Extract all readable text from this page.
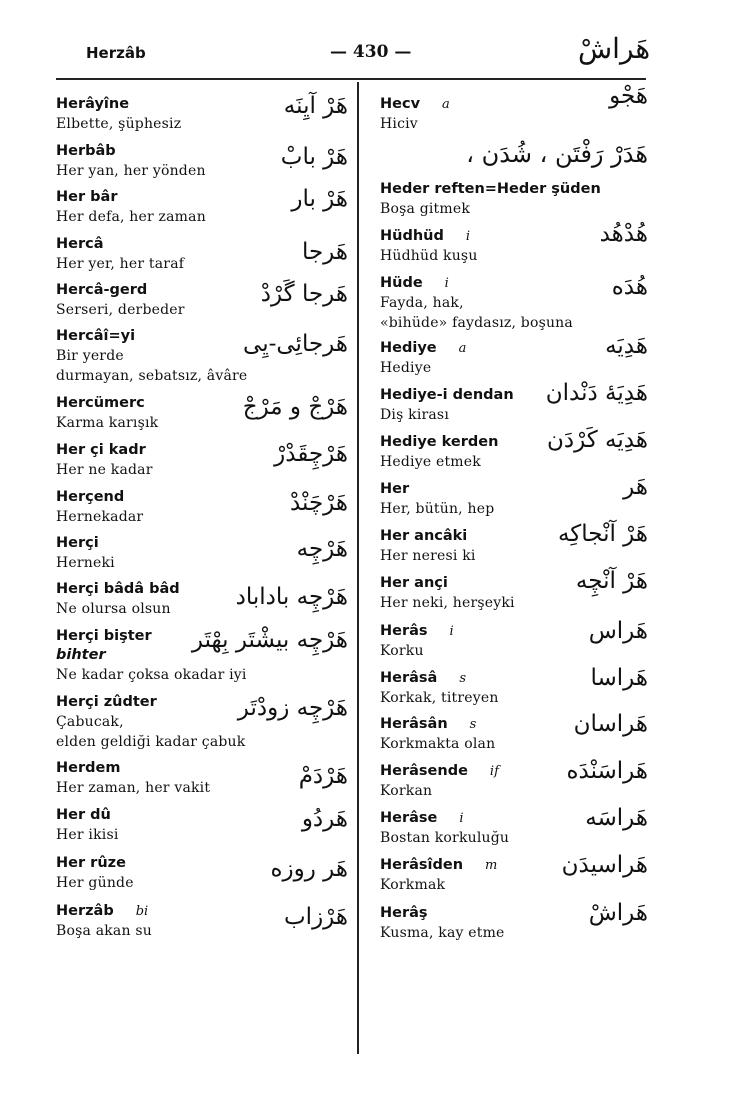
Herzâb	— 430 —	هَراشْ
Herâyîne
Elbette, şüphesiz
هَرْ آيِنَه
Herbâb
Her yan, her yönden
هَرْ بابْ
Her bâr
Her defa, her zaman
هَرْ بار
Hercâ
Her yer, her taraf	هَرجا
Hercâ-gerd
Serseri, derbeder
هَرجا گَرْدْ
Hercâî=yi
Bir yerde
durmayan, sebatsız, âvâre
هَرجائِى-يِى
Hercümerc
Karma karışık
هَرْجْ و مَرْجْ
Her çi kadr
Her ne kadar
هَرْچِقَدْرْ
Herçend
Hernekadar
هَرْچَنْدْ
Herçi
Herneki
هَرْچِه
Herçi bâdâ bâd
Ne olursa olsun	هَرْچِه باداباد
Herçi bişter
bihter
Ne kadar çoksa okadar iyi
هَرْچِه بيشْتَر بِهْتَر
Herçi zûdter
Çabucak,
elden geldiği kadar çabuk
هَرْچِه زودْتَر
Herdem
Her zaman, her vakit	هَرْدَمْ
Her dû
Her ikisi
هَردُو
Her rûze
Her günde
هَر روزه
Herzâb bi
Boşa akan su
هَرْزاب
Hecv a
Hiciv
هَجْو
هَدَرْ رَفْتَن ، شُدَن ،
Heder reften=Heder şüden
Boşa gitmek
Hüdhüd i
Hüdhüd kuşu
هُدْهُد
Hüde i
Fayda, hak,
«bihüde» faydasız, boşuna
هُدَه
Hediye a
Hediye
هَدِيَه
Hediye-i dendan
Diş kirası
هَدِيَهٔ دَنْدان
Hediye kerden
Hediye etmek
هَدِيَه كَرْدَن
Her
Her, bütün, hep
هَر
Her ancâki
Her neresi ki
هَرْ آنْجاكِه
Her ançi
Her neki, herşeyki
هَرْ آنْچِه
Herâs i
Korku
هَراس
Herâsâ s
Korkak, titreyen
هَراسا
Herâsân s
Korkmakta olan
هَراسان
Herâsende if
Korkan
هَراسَنْدَه
Herâse i
Bostan korkuluğu
هَراسَه
Herâsîden m
Korkmak
هَراسيدَن
Herâş
Kusma, kay etme
هَراشْ
